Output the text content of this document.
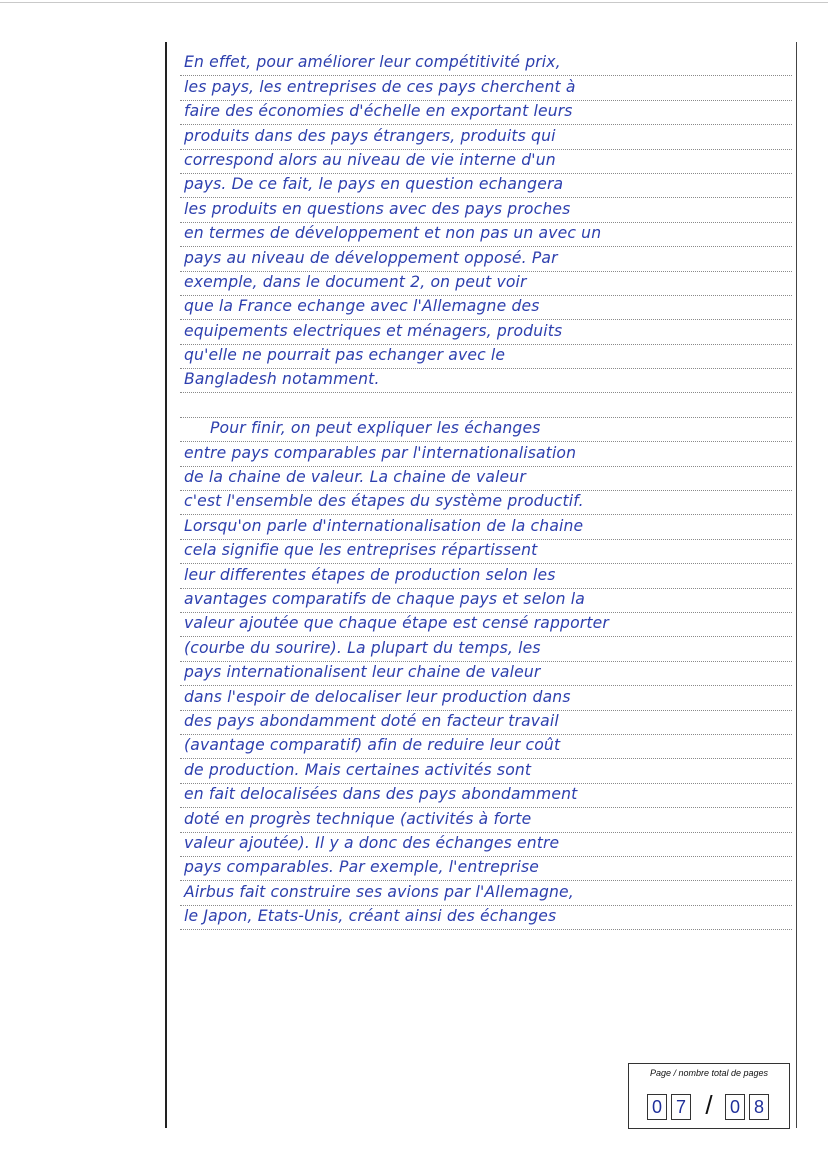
En effet, pour améliorer leur compétitivité prix,
les pays, les entreprises de ces pays cherchent à
faire des économies d'échelle en exportant leurs
produits dans des pays étrangers, produits qui
correspond alors au niveau de vie interne d'un
pays. De ce fait, le pays en question echangera
les produits en questions avec des pays proches
en termes de développement et non pas un avec un
pays au niveau de développement opposé. Par
exemple, dans le document 2, on peut voir
que la France echange avec l'Allemagne des
equipements electriques et ménagers, produits
qu'elle ne pourrait pas echanger avec le
Bangladesh notamment.
Pour finir, on peut expliquer les échanges
entre pays comparables par l'internationalisation
de la chaine de valeur. La chaine de valeur
c'est l'ensemble des étapes du système productif.
Lorsqu'on parle d'internationalisation de la chaine
cela signifie que les entreprises répartissent
leur differentes étapes de production selon les
avantages comparatifs de chaque pays et selon la
valeur ajoutée que chaque étape est censé rapporter
(courbe du sourire). La plupart du temps, les
pays internationalisent leur chaine de valeur
dans l'espoir de delocaliser leur production dans
des pays abondamment doté en facteur travail
(avantage comparatif) afin de reduire leur coût
de production. Mais certaines activités sont
en fait delocalisées dans des pays abondamment
doté en progrès technique (activités à forte
valeur ajoutée). Il y a donc des échanges entre
pays comparables. Par exemple, l'entreprise
Airbus fait construire ses avions par l'Allemagne,
le Japon, Etats-Unis, créant ainsi des échanges
Page / nombre total de pages
0 7 / 0 8
